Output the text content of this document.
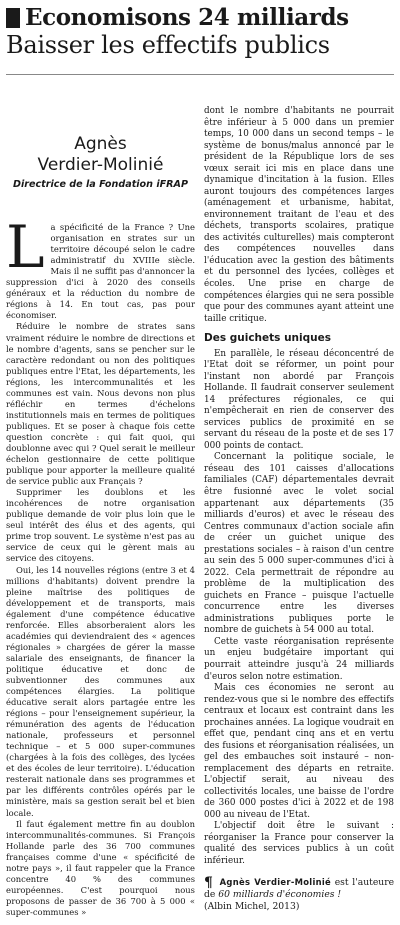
Economisons 24 milliards
Baisser les effectifs publics
Agnès
Verdier-Molinié
Directrice de la Fondation iFRAP

La spécificité de la France ? Une organisation en strates sur un territoire découpé selon le cadre administratif du XVIIIe siècle. Mais il ne suffit pas d'annoncer la suppression d'ici à 2020 des conseils généraux et la réduction du nombre de régions à 14. En tout cas, pas pour économiser.

Réduire le nombre de strates sans vraiment réduire le nombre de directions et le nombre d'agents, sans se pencher sur le caractère redondant ou non des politiques publiques entre l'Etat, les départements, les régions, les intercommunalités et les communes est vain. Nous devons non plus réfléchir en termes d'échelons institutionnels mais en termes de politiques publiques. Et se poser à chaque fois cette question concrète : qui fait quoi, qui doublonne avec qui ? Quel serait le meilleur échelon gestionnaire de cette politique publique pour apporter la meilleure qualité de service public aux Français ?

Supprimer les doublons et les incohérences de notre organisation publique demande de voir plus loin que le seul intérêt des élus et des agents, qui prime trop souvent. Le système n'est pas au service de ceux qui le gèrent mais au service des citoyens.

Oui, les 14 nouvelles régions (entre 3 et 4 millions d'habitants) doivent prendre la pleine maîtrise des politiques de développement et de transports, mais également d'une compétence éducative renforcée. Elles absorberaient alors les académies qui deviendraient des « agences régionales » chargées de gérer la masse salariale des enseignants, de financer la politique éducative et donc de subventionner des communes aux compétences élargies. La politique éducative serait alors partagée entre les régions – pour l'enseignement supérieur, la rémunération des agents de l'éducation nationale, professeurs et personnel technique – et 5 000 super-communes (chargées à la fois des collèges, des lycées et des écoles de leur territoire). L'éducation resterait nationale dans ses programmes et par les différents contrôles opérés par le ministère, mais sa gestion serait bel et bien locale.

Il faut également mettre fin au doublon intercommunalités-communes. Si François Hollande parle des 36 700 communes françaises comme d'une « spécificité de notre pays », il faut rappeler que la France concentre 40 % des communes européennes. C'est pourquoi nous proposons de passer de 36 700 à 5 000 « super-communes »

dont le nombre d'habitants ne pourrait être inférieur à 5 000 dans un premier temps, 10 000 dans un second temps – le système de bonus/malus annoncé par le président de la République lors de ses vœux serait ici mis en place dans une dynamique d'incitation à la fusion. Elles auront toujours des compétences larges (aménagement et urbanisme, habitat, environnement traitant de l'eau et des déchets, transports scolaires, pratique des activités culturelles) mais compteront des compétences nouvelles dans l'éducation avec la gestion des bâtiments et du personnel des lycées, collèges et écoles. Une prise en charge de compétences élargies qui ne sera possible que pour des communes ayant atteint une taille critique.

Des guichets uniques

En parallèle, le réseau déconcentré de l'Etat doit se réformer, un point pour l'instant non abordé par François Hollande. Il faudrait conserver seulement 14 préfectures régionales, ce qui n'empêcherait en rien de conserver des services publics de proximité en se servant du réseau de la poste et de ses 17 000 points de contact.

Concernant la politique sociale, le réseau des 101 caisses d'allocations familiales (CAF) départementales devrait être fusionné avec le volet social appartenant aux départements (35 milliards d'euros) et avec le réseau des Centres communaux d'action sociale afin de créer un guichet unique des prestations sociales – à raison d'un centre au sein des 5 000 super-communes d'ici à 2022. Cela permettrait de répondre au problème de la multiplication des guichets en France – puisque l'actuelle concurrence entre les diverses administrations publiques porte le nombre de guichets à 54 000 au total.

Cette vaste réorganisation représente un enjeu budgétaire important qui pourrait atteindre jusqu'à 24 milliards d'euros selon notre estimation.

Mais ces économies ne seront au rendez-vous que si le nombre des effectifs centraux et locaux est contraint dans les prochaines années. La logique voudrait en effet que, pendant cinq ans et en vertu des fusions et réorganisation réalisées, un gel des embauches soit instauré – non-remplacement des départs en retraite. L'objectif serait, au niveau des collectivités locales, une baisse de l'ordre de 360 000 postes d'ici à 2022 et de 198 000 au niveau de l'Etat.

L'objectif doit être le suivant : réorganiser la France pour conserver la qualité des services publics à un coût inférieur.

¶ Agnès Verdier-Molinié est l'auteure de 60 milliards d'économies !
(Albin Michel, 2013)
